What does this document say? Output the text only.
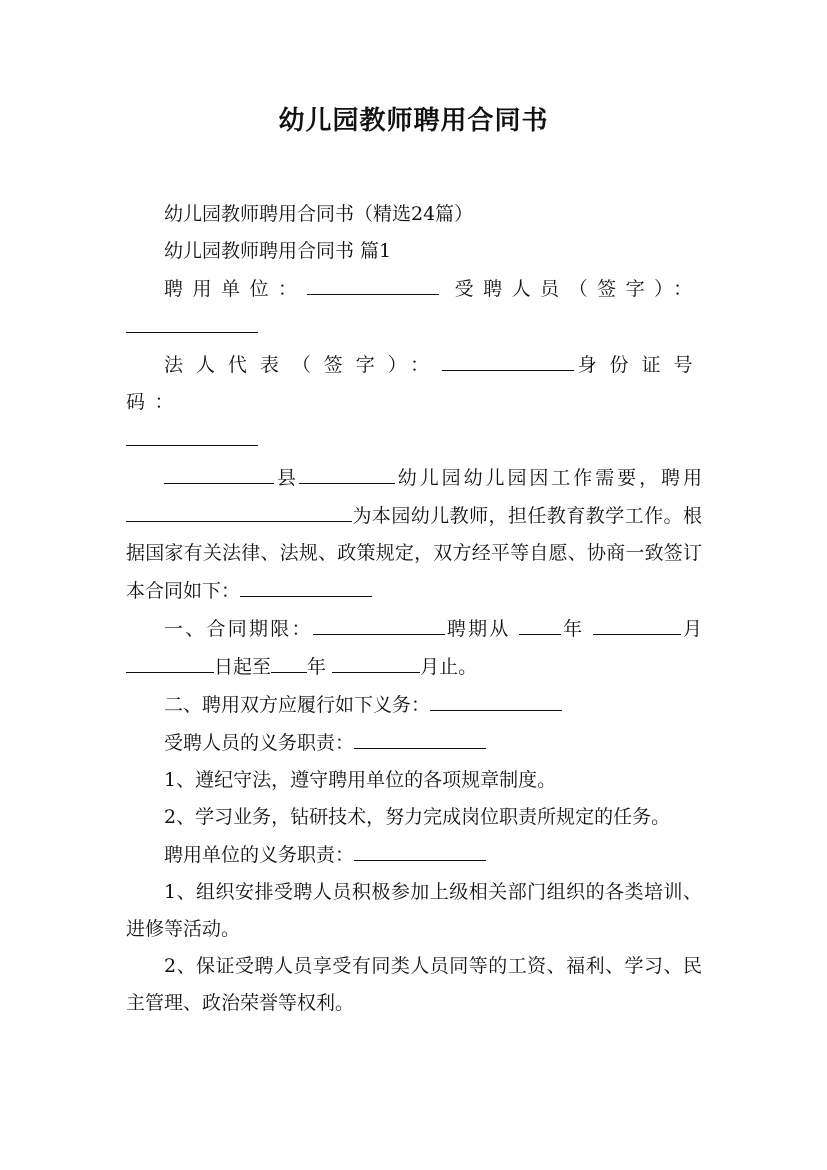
幼儿园教师聘用合同书

幼儿园教师聘用合同书（精选24篇）

幼儿园教师聘用合同书 篇1

聘用单位：	受聘人员（签字）：

法人代表（签字）：	身份证号码：

县	幼儿园幼儿园因工作需要，聘用为本园幼儿教师，担任教育教学工作。根据国家有关法律、法规、政策规定，双方经平等自愿、协商一致签订本合同如下：

一、合同期限：	聘期从	年	月日起至 年	月止。

二、聘用双方应履行如下义务：

受聘人员的义务职责：

1、遵纪守法，遵守聘用单位的各项规章制度。

2、学习业务，钻研技术，努力完成岗位职责所规定的任务。

聘用单位的义务职责：

1、组织安排受聘人员积极参加上级相关部门组织的各类培训、进修等活动。

2、保证受聘人员享受有同类人员同等的工资、福利、学习、民主管理、政治荣誉等权利。
